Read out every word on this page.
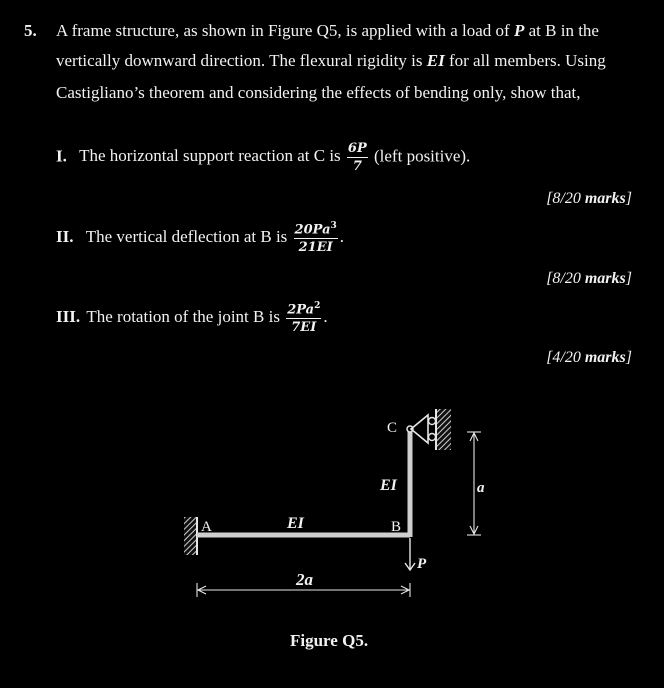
5. A frame structure, as shown in Figure Q5, is applied with a load of P at B in the
vertically downward direction. The flexural rigidity is EI for all members. Using
Castigliano’s theorem and considering the effects of bending only, show that,
I. The horizontal support reaction at C is $\frac{6P}{7}$ (left positive).
[8/20 marks]
II. The vertical deflection at B is $\frac{20Pa^3}{21EI}$ .
[8/20 marks]
III. The rotation of the joint B is $\frac{2Pa^2}{7EI}$ .
[4/20 marks]
A	B
C
EI
EI
P
a
2a
Figure Q5.
